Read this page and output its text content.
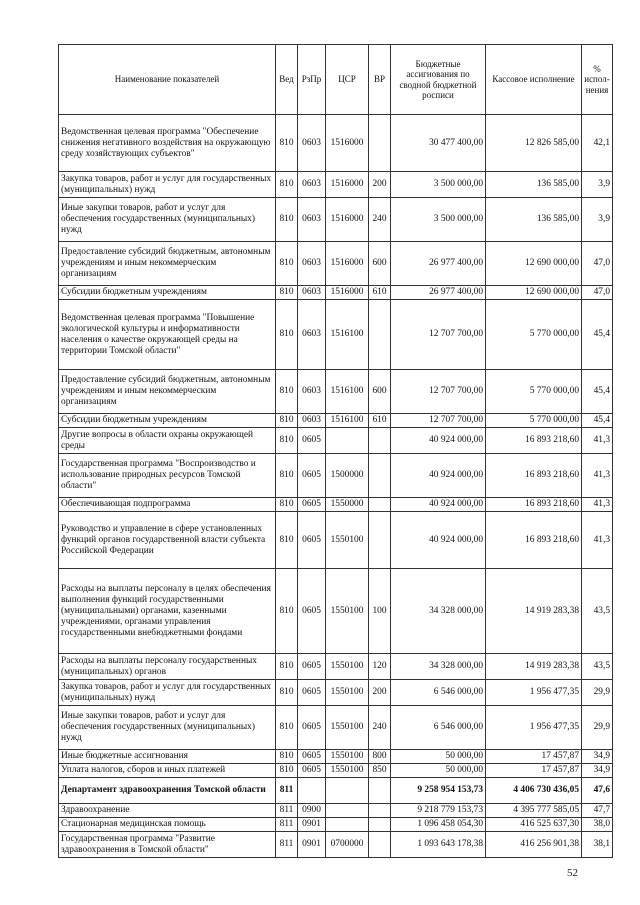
Наименование показателей	Вед	РзПр	ЦСР	ВР	Бюджетные ассигнования по сводной бюджетной росписи	Кассовое исполнение	% испол-нения
Ведомственная целевая программа "Обеспечение снижения негативного воздействия на окружающую среду хозяйствующих субъектов"	810	0603	1516000		30 477 400,00	12 826 585,00	42,1
Закупка товаров, работ и услуг для государственных (муниципальных) нужд	810	0603	1516000	200	3 500 000,00	136 585,00	3,9
Иные закупки товаров, работ и услуг для обеспечения государственных (муниципальных) нужд	810	0603	1516000	240	3 500 000,00	136 585,00	3,9
Предоставление субсидий бюджетным, автономным учреждениям и иным некоммерческим организациям	810	0603	1516000	600	26 977 400,00	12 690 000,00	47,0
Субсидии бюджетным учреждениям	810	0603	1516000	610	26 977 400,00	12 690 000,00	47,0
Ведомственная целевая программа "Повышение экологической культуры и информативности населения о качестве окружающей среды на территории Томской области"	810	0603	1516100		12 707 700,00	5 770 000,00	45,4
Предоставление субсидий бюджетным, автономным учреждениям и иным некоммерческим организациям	810	0603	1516100	600	12 707 700,00	5 770 000,00	45,4
Субсидии бюджетным учреждениям	810	0603	1516100	610	12 707 700,00	5 770 000,00	45,4
Другие вопросы в области охраны окружающей среды	810	0605			40 924 000,00	16 893 218,60	41,3
Государственная программа "Воспроизводство и использование природных ресурсов Томской области"	810	0605	1500000		40 924 000,00	16 893 218,60	41,3
Обеспечивающая подпрограмма	810	0605	1550000		40 924 000,00	16 893 218,60	41,3
Руководство и управление в сфере установленных функций органов государственной власти субъекта Российской Федерации	810	0605	1550100		40 924 000,00	16 893 218,60	41,3
Расходы на выплаты персоналу в целях обеспечения выполнения функций государственными (муниципальными) органами, казенными учреждениями, органами управления государственными внебюджетными фондами	810	0605	1550100	100	34 328 000,00	14 919 283,38	43,5
Расходы на выплаты персоналу государственных (муниципальных) органов	810	0605	1550100	120	34 328 000,00	14 919 283,38	43,5
Закупка товаров, работ и услуг для государственных (муниципальных) нужд	810	0605	1550100	200	6 546 000,00	1 956 477,35	29,9
Иные закупки товаров, работ и услуг для обеспечения государственных (муниципальных) нужд	810	0605	1550100	240	6 546 000,00	1 956 477,35	29,9
Иные бюджетные ассигнования	810	0605	1550100	800	50 000,00	17 457,87	34,9
Уплата налогов, сборов и иных платежей	810	0605	1550100	850	50 000,00	17 457,87	34,9
Департамент здравоохранения Томской области	811				9 258 954 153,73	4 406 730 436,05	47,6
Здравоохранение	811	0900			9 218 779 153,73	4 395 777 585,05	47,7
Стационарная медицинская помощь	811	0901			1 096 458 054,30	416 525 637,30	38,0
Государственная программа "Развитие здравоохранения в Томской области"	811	0901	0700000		1 093 643 178,38	416 256 901,38	38,1
52
